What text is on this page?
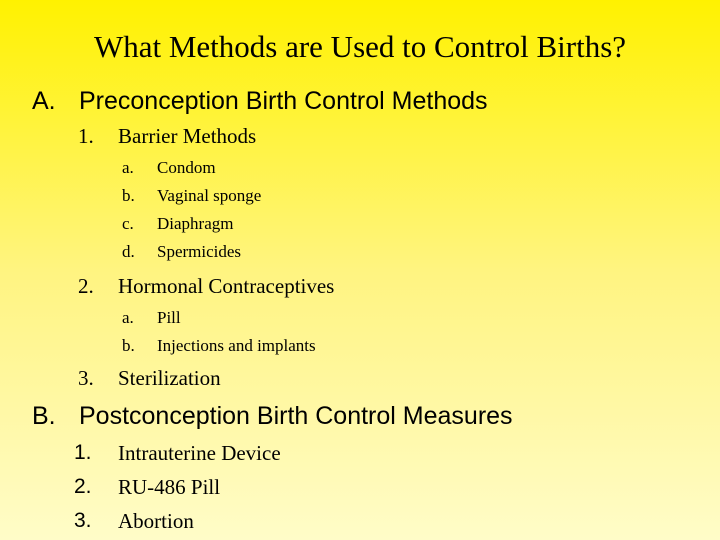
What Methods are Used to Control Births?
A. Preconception Birth Control Methods
1. Barrier Methods
a. Condom
b. Vaginal sponge
c. Diaphragm
d. Spermicides
2. Hormonal Contraceptives
a. Pill
b. Injections and implants
3. Sterilization
B. Postconception Birth Control Measures
1. Intrauterine Device
2. RU-486 Pill
3. Abortion
